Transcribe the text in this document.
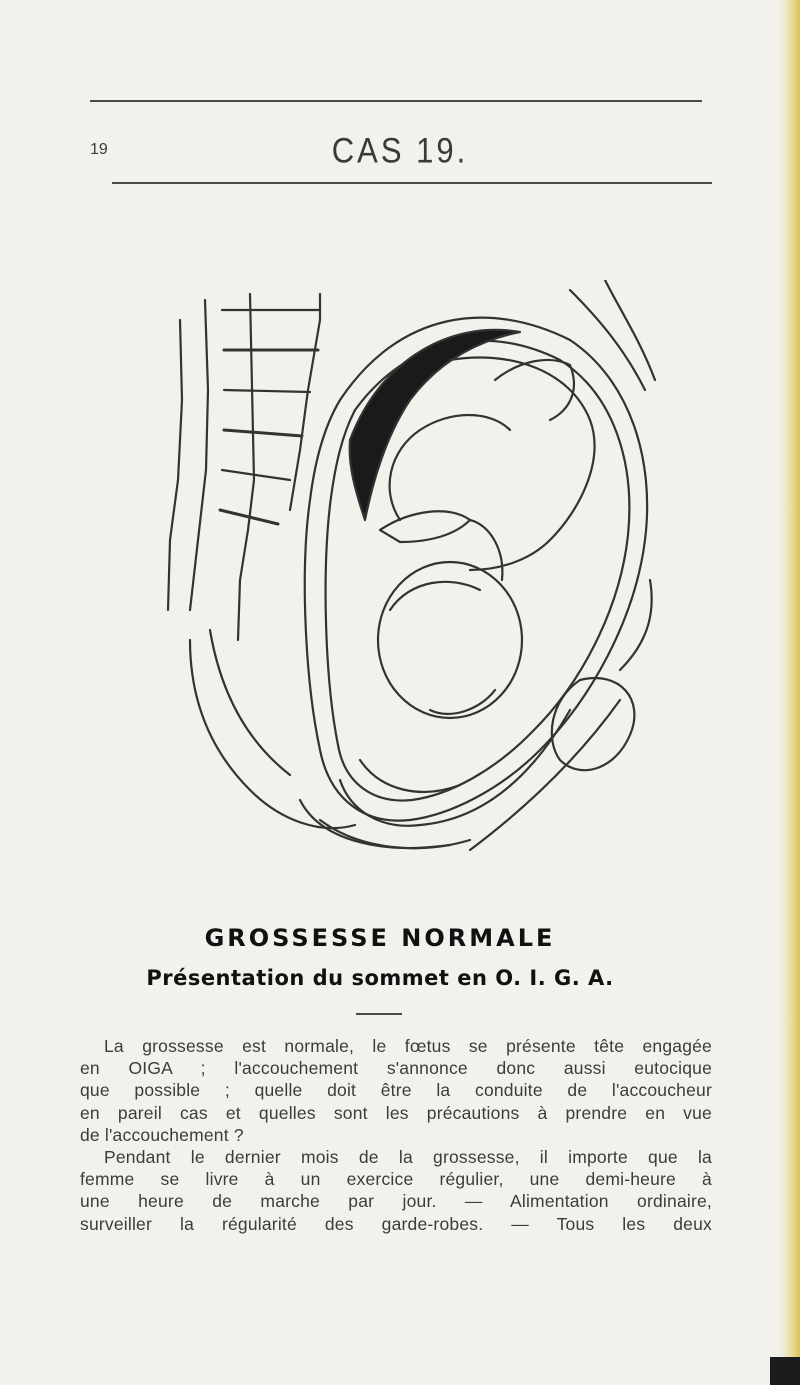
19	CAS 19.
GROSSESSE NORMALE
Présentation du sommet en O. I. G. A.
La grossesse est normale, le fœtus se présente tête engagée
en OIGA ; l'accouchement s'annonce donc aussi eutocique
que possible ; quelle doit être la conduite de l'accoucheur
en pareil cas et quelles sont les précautions à prendre en vue
de l'accouchement ?
Pendant le dernier mois de la grossesse, il importe que la
femme se livre à un exercice régulier, une demi-heure à
une heure de marche par jour. — Alimentation ordinaire,
surveiller la régularité des garde-robes. — Tous les deux
